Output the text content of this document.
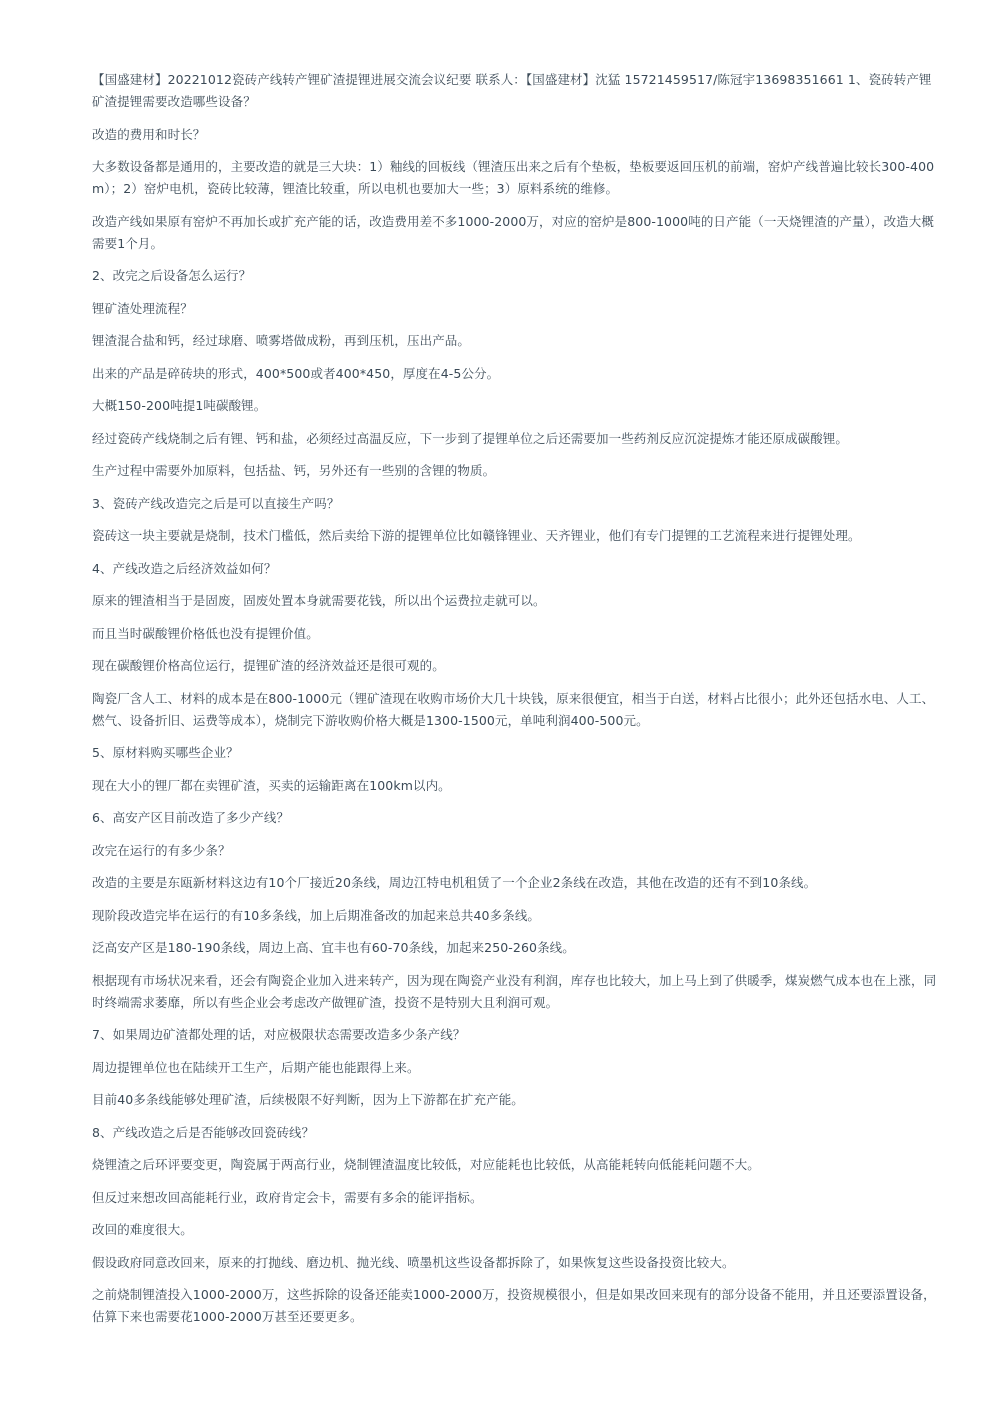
【国盛建材】20221012瓷砖产线转产锂矿渣提锂进展交流会议纪要 联系人：【国盛建材】沈猛 15721459517/陈冠宇13698351661 1、瓷砖转产锂矿渣提锂需要改造哪些设备？

改造的费用和时长？

大多数设备都是通用的，主要改造的就是三大块：1）釉线的回板线（锂渣压出来之后有个垫板，垫板要返回压机的前端，窑炉产线普遍比较长300-400m）；2）窑炉电机，瓷砖比较薄，锂渣比较重，所以电机也要加大一些；3）原料系统的维修。

改造产线如果原有窑炉不再加长或扩充产能的话，改造费用差不多1000-2000万，对应的窑炉是800-1000吨的日产能（一天烧锂渣的产量），改造大概需要1个月。

2、改完之后设备怎么运行？

锂矿渣处理流程？

锂渣混合盐和钙，经过球磨、喷雾塔做成粉，再到压机，压出产品。

出来的产品是碎砖块的形式，400*500或者400*450，厚度在4-5公分。

大概150-200吨提1吨碳酸锂。

经过瓷砖产线烧制之后有锂、钙和盐，必须经过高温反应，下一步到了提锂单位之后还需要加一些药剂反应沉淀提炼才能还原成碳酸锂。

生产过程中需要外加原料，包括盐、钙，另外还有一些别的含锂的物质。

3、瓷砖产线改造完之后是可以直接生产吗？

瓷砖这一块主要就是烧制，技术门槛低，然后卖给下游的提锂单位比如赣锋锂业、天齐锂业，他们有专门提锂的工艺流程来进行提锂处理。

4、产线改造之后经济效益如何？

原来的锂渣相当于是固废，固废处置本身就需要花钱，所以出个运费拉走就可以。

而且当时碳酸锂价格低也没有提锂价值。

现在碳酸锂价格高位运行，提锂矿渣的经济效益还是很可观的。

陶瓷厂含人工、材料的成本是在800-1000元（锂矿渣现在收购市场价大几十块钱，原来很便宜，相当于白送，材料占比很小；此外还包括水电、人工、燃气、设备折旧、运费等成本），烧制完下游收购价格大概是1300-1500元，单吨利润400-500元。

5、原材料购买哪些企业？

现在大小的锂厂都在卖锂矿渣，买卖的运输距离在100km以内。

6、高安产区目前改造了多少产线？

改完在运行的有多少条？

改造的主要是东瓯新材料这边有10个厂接近20条线，周边江特电机租赁了一个企业2条线在改造，其他在改造的还有不到10条线。

现阶段改造完毕在运行的有10多条线，加上后期准备改的加起来总共40多条线。

泛高安产区是180-190条线，周边上高、宜丰也有60-70条线，加起来250-260条线。

根据现有市场状况来看，还会有陶瓷企业加入进来转产，因为现在陶瓷产业没有利润，库存也比较大，加上马上到了供暖季，煤炭燃气成本也在上涨，同时终端需求萎靡，所以有些企业会考虑改产做锂矿渣，投资不是特别大且利润可观。

7、如果周边矿渣都处理的话，对应极限状态需要改造多少条产线？

周边提锂单位也在陆续开工生产，后期产能也能跟得上来。

目前40多条线能够处理矿渣，后续极限不好判断，因为上下游都在扩充产能。

8、产线改造之后是否能够改回瓷砖线？

烧锂渣之后环评要变更，陶瓷属于两高行业，烧制锂渣温度比较低，对应能耗也比较低，从高能耗转向低能耗问题不大。

但反过来想改回高能耗行业，政府肯定会卡，需要有多余的能评指标。

改回的难度很大。

假设政府同意改回来，原来的打抛线、磨边机、抛光线、喷墨机这些设备都拆除了，如果恢复这些设备投资比较大。

之前烧制锂渣投入1000-2000万，这些拆除的设备还能卖1000-2000万，投资规模很小，但是如果改回来现有的部分设备不能用，并且还要添置设备，估算下来也需要花1000-2000万甚至还要更多。
